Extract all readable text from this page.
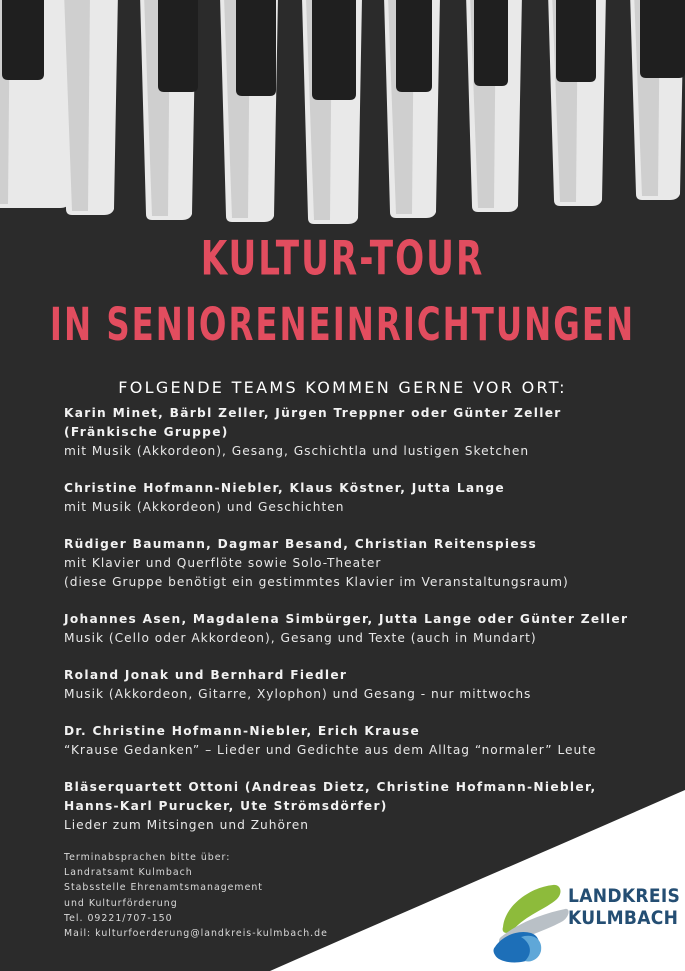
KULTUR-TOUR
IN SENIORENEINRICHTUNGEN
FOLGENDE TEAMS KOMMEN GERNE VOR ORT:
Karin Minet, Bärbl Zeller, Jürgen Treppner oder Günter Zeller
(Fränkische Gruppe)
mit Musik (Akkordeon), Gesang, Gschichtla und lustigen Sketchen
Christine Hofmann-Niebler, Klaus Köstner, Jutta Lange
mit Musik (Akkordeon) und Geschichten
Rüdiger Baumann, Dagmar Besand, Christian Reitenspiess
mit Klavier und Querflöte sowie Solo-Theater
(diese Gruppe benötigt ein gestimmtes Klavier im Veranstaltungsraum)
Johannes Asen, Magdalena Simbürger, Jutta Lange oder Günter Zeller
Musik (Cello oder Akkordeon), Gesang und Texte (auch in Mundart)
Roland Jonak und Bernhard Fiedler
Musik (Akkordeon, Gitarre, Xylophon) und Gesang - nur mittwochs
Dr. Christine Hofmann-Niebler, Erich Krause
“Krause Gedanken” – Lieder und Gedichte aus dem Alltag “normaler” Leute
Bläserquartett Ottoni (Andreas Dietz, Christine Hofmann-Niebler,
Hanns-Karl Purucker, Ute Strömsdörfer)
Lieder zum Mitsingen und Zuhören
Terminabsprachen bitte über:
Landratsamt Kulmbach
Stabsstelle Ehrenamtsmanagement
und Kulturförderung
Tel. 09221/707-150
Mail: kulturfoerderung@landkreis-kulmbach.de
LANDKREIS
KULMBACH
